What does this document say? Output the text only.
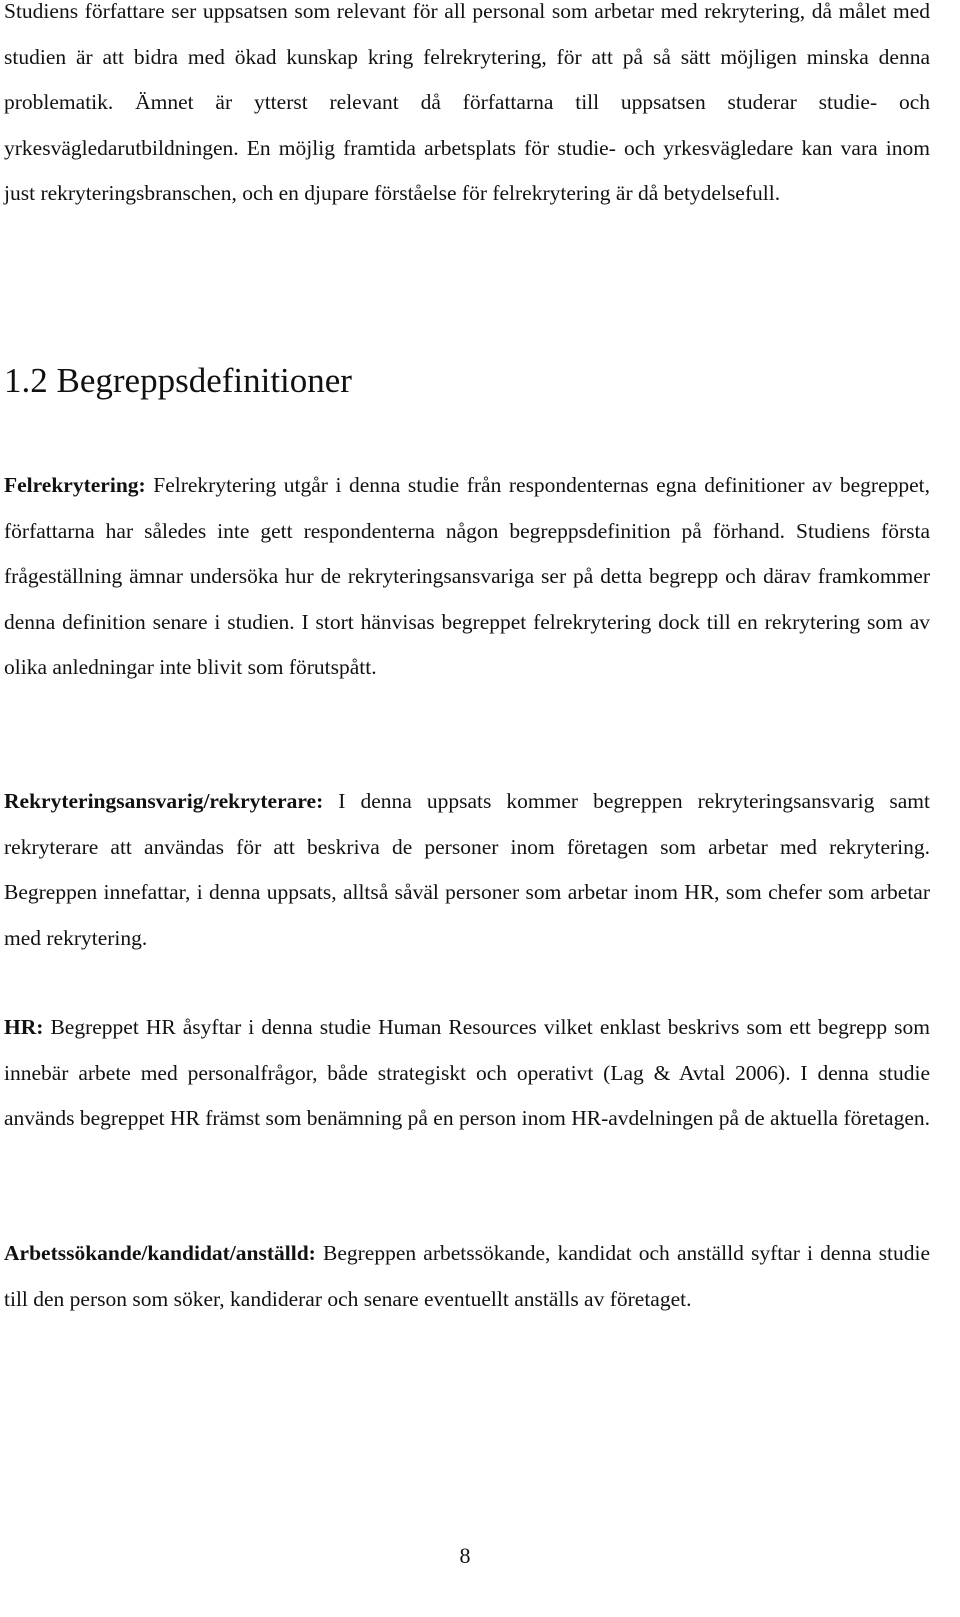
Studiens författare ser uppsatsen som relevant för all personal som arbetar med rekrytering, då målet med studien är att bidra med ökad kunskap kring felrekrytering, för att på så sätt möjligen minska denna problematik. Ämnet är ytterst relevant då författarna till uppsatsen studerar studie- och yrkesvägledarutbildningen. En möjlig framtida arbetsplats för studie- och yrkesvägledare kan vara inom just rekryteringsbranschen, och en djupare förståelse för felrekrytering är då betydelsefull.

1.2 Begreppsdefinitioner

Felrekrytering: Felrekrytering utgår i denna studie från respondenternas egna definitioner av begreppet, författarna har således inte gett respondenterna någon begreppsdefinition på förhand. Studiens första frågeställning ämnar undersöka hur de rekryteringsansvariga ser på detta begrepp och därav framkommer denna definition senare i studien. I stort hänvisas begreppet felrekrytering dock till en rekrytering som av olika anledningar inte blivit som förutspått.

Rekryteringsansvarig/rekryterare: I denna uppsats kommer begreppen rekryteringsansvarig samt rekryterare att användas för att beskriva de personer inom företagen som arbetar med rekrytering. Begreppen innefattar, i denna uppsats, alltså såväl personer som arbetar inom HR, som chefer som arbetar med rekrytering.

HR: Begreppet HR åsyftar i denna studie Human Resources vilket enklast beskrivs som ett begrepp som innebär arbete med personalfrågor, både strategiskt och operativt (Lag & Avtal 2006). I denna studie används begreppet HR främst som benämning på en person inom HR-avdelningen på de aktuella företagen.

Arbetssökande/kandidat/anställd: Begreppen arbetssökande, kandidat och anställd syftar i denna studie till den person som söker, kandiderar och senare eventuellt anställs av företaget.

8
